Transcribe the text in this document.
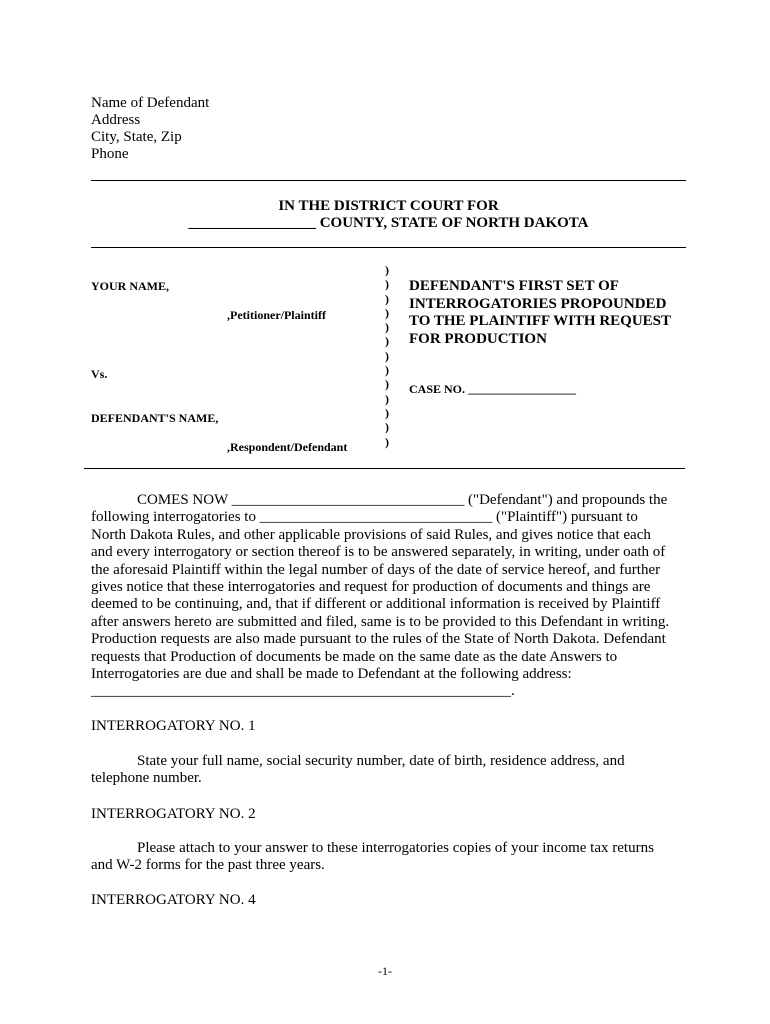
Name of Defendant
Address
City, State, Zip
Phone
IN THE DISTRICT COURT FOR
_________________ COUNTY, STATE OF NORTH DAKOTA
YOUR NAME,
,Petitioner/Plaintiff
Vs.
DEFENDANT'S NAME,
,Respondent/Defendant
)
)
)
)
)
)
)
)
)
)
)
)
)
DEFENDANT'S FIRST SET OF
INTERROGATORIES PROPOUNDED
TO THE PLAINTIFF WITH REQUEST
FOR PRODUCTION
CASE NO. __________________
COMES NOW _______________________________ ("Defendant") and propounds the
following interrogatories to _______________________________ ("Plaintiff") pursuant to
North Dakota Rules, and other applicable provisions of said Rules, and gives notice that each
and every interrogatory or section thereof is to be answered separately, in writing, under oath of
the aforesaid Plaintiff within the legal number of days of the date of service hereof, and further
gives notice that these interrogatories and request for production of documents and things are
deemed to be continuing, and, that if different or additional information is received by Plaintiff
after answers hereto are submitted and filed, same is to be provided to this Defendant in writing.
Production requests are also made pursuant to the rules of the State of North Dakota. Defendant
requests that Production of documents be made on the same date as the date Answers to
Interrogatories are due and shall be made to Defendant at the following address:
________________________________________________________.
INTERROGATORY NO. 1
State your full name, social security number, date of birth, residence address, and
telephone number.
INTERROGATORY NO. 2
Please attach to your answer to these interrogatories copies of your income tax returns
and W-2 forms for the past three years.
INTERROGATORY NO. 4
-1-
